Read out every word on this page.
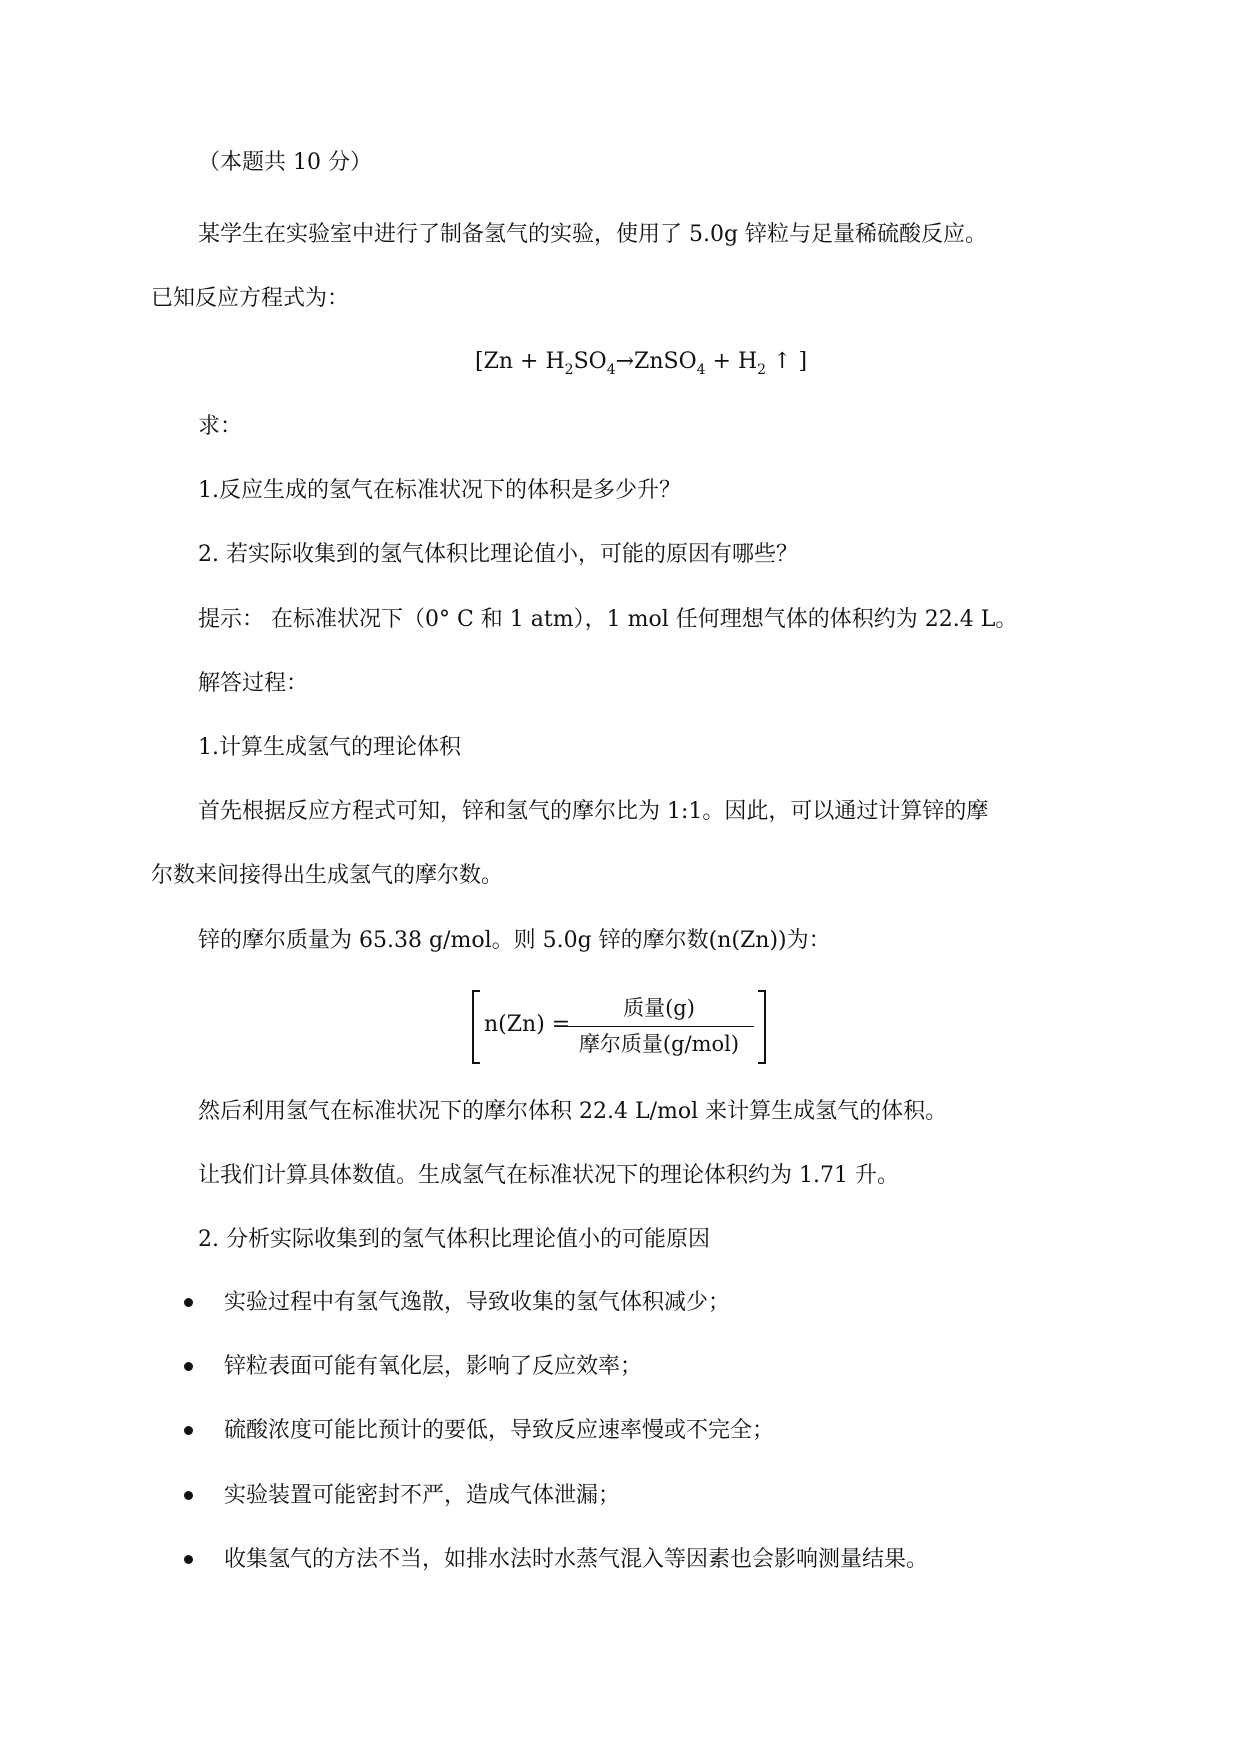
（本题共 10 分）
某学生在实验室中进行了制备氢气的实验，使用了 5.0g 锌粒与足量稀硫酸反应。
已知反应方程式为：
[$Zn + H_2SO_4\to ZnSO_4 + H_2$ ↑ ]
求：
1.反应生成的氢气在标准状况下的体积是多少升？
2. 若实际收集到的氢气体积比理论值小，可能的原因有哪些？
提示： 在标准状况下（0° C 和 1 atm），1 mol 任何理想气体的体积约为 22.4 L。
解答过程：
1.计算生成氢气的理论体积
首先根据反应方程式可知，锌和氢气的摩尔比为 1:1。因此，可以通过计算锌的摩
尔数来间接得出生成氢气的摩尔数。
锌的摩尔质量为 65.38 g/mol。则 5.0g 锌的摩尔数(n(Zn))为：
n(Zn) =
质量(g)
摩尔质量(g/mol)
然后利用氢气在标准状况下的摩尔体积 22.4 L/mol 来计算生成氢气的体积。
让我们计算具体数值。生成氢气在标准状况下的理论体积约为 1.71 升。
2. 分析实际收集到的氢气体积比理论值小的可能原因
实验过程中有氢气逸散，导致收集的氢气体积减少；
锌粒表面可能有氧化层，影响了反应效率；
硫酸浓度可能比预计的要低，导致反应速率慢或不完全；
实验装置可能密封不严，造成气体泄漏；
收集氢气的方法不当，如排水法时水蒸气混入等因素也会影响测量结果。
